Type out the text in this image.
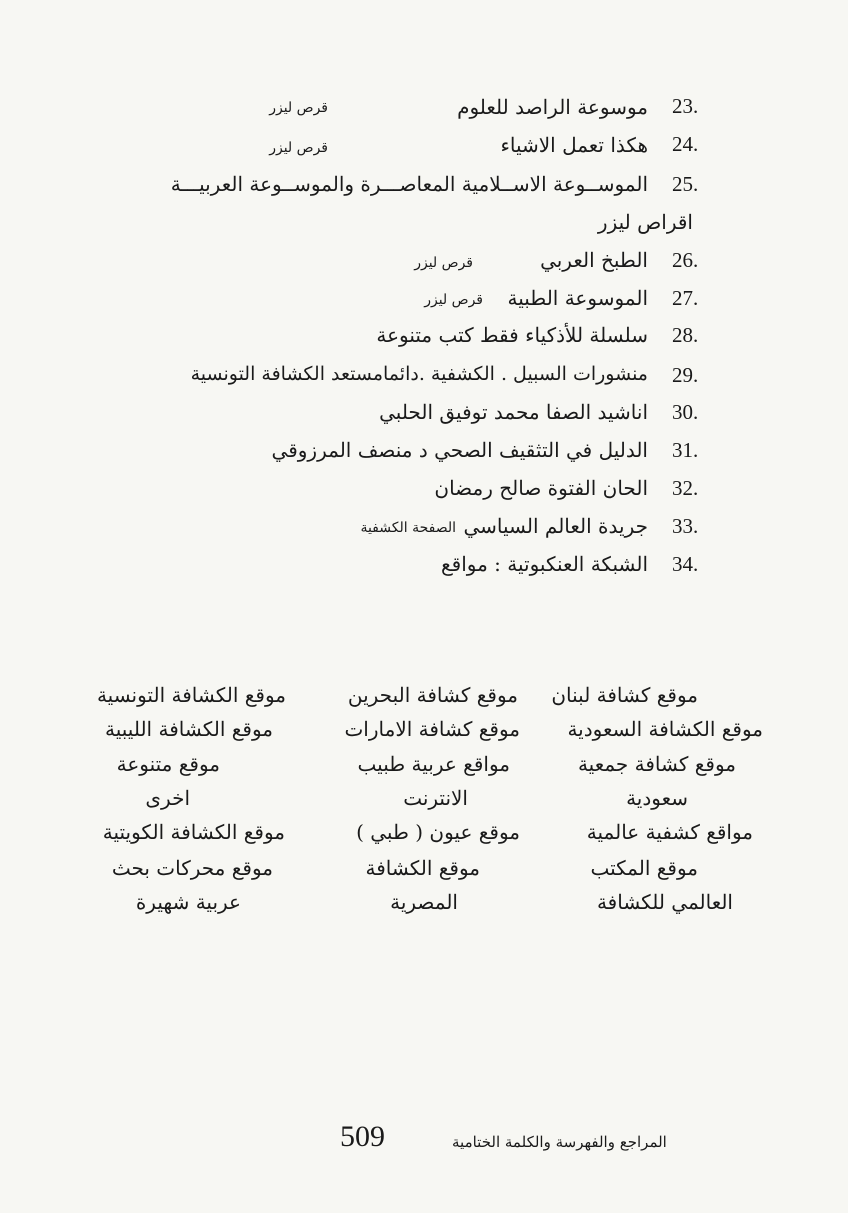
23.
موسوعة الراصد للعلوم
قرص ليزر
24.
هكذا تعمل الاشياء
قرص ليزر
25.
الموســوعة الاســلامية المعاصـــرة والموســوعة العربيـــة
اقراص ليزر
26.
الطبخ العربي
قرص ليزر
27.
الموسوعة الطبية
قرص ليزر
28.
سلسلة للأذكياء فقط كتب متنوعة
29.
منشورات السبيل . الكشفية .دائمامستعد الكشافة التونسية
30.
اناشيد الصفا محمد توفيق الحلبي
31.
الدليل في التثقيف الصحي د منصف المرزوقي
32.
الحان الفتوة صالح رمضان
33.
جريدة العالم السياسي
الصفحة الكشفية
34.
الشبكة العنكبوتية : مواقع
موقع كشافة لبنان
موقع الكشافة السعودية
موقع كشافة جمعية
سعودية
مواقع كشفية عالمية
موقع المكتب
العالمي للكشافة
موقع كشافة البحرين
موقع كشافة الامارات
مواقع عربية طبيب
الانترنت
موقع عيون ( طبي )
موقع الكشافة
المصرية
موقع الكشافة التونسية
موقع الكشافة الليبية
موقع متنوعة
اخرى
موقع الكشافة الكويتية
موقع محركات بحث
عربية شهيرة
509	المراجع والفهرسة والكلمة الختامية
